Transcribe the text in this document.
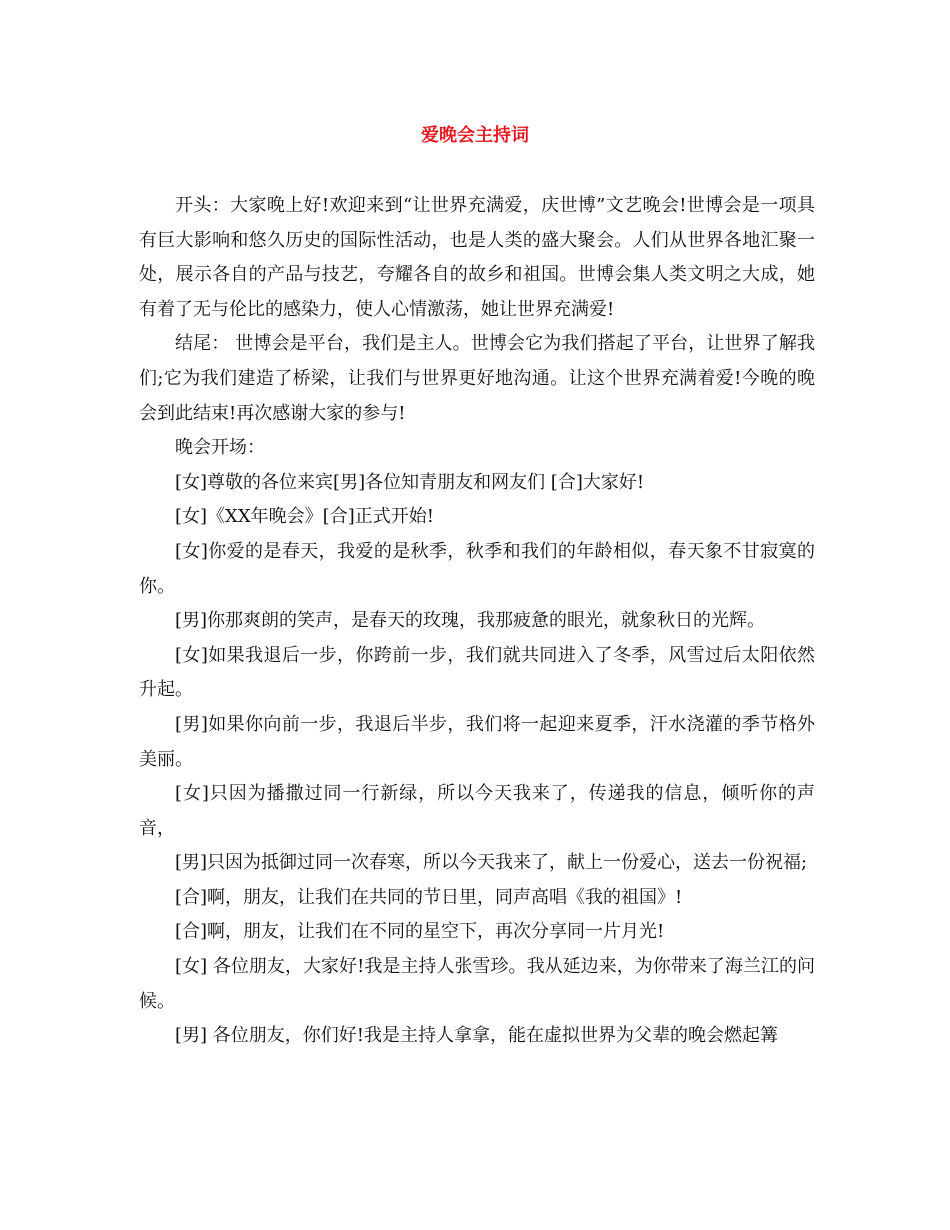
爱晚会主持词

开头：大家晚上好!欢迎来到“让世界充满爱，庆世博”文艺晚会!世博会是一项具有巨大影响和悠久历史的国际性活动，也是人类的盛大聚会。人们从世界各地汇聚一处，展示各自的产品与技艺，夸耀各自的故乡和祖国。世博会集人类文明之大成，她有着了无与伦比的感染力，使人心情激荡，她让世界充满爱!

结尾： 世博会是平台，我们是主人。世博会它为我们搭起了平台，让世界了解我们;它为我们建造了桥梁，让我们与世界更好地沟通。让这个世界充满着爱!今晚的晚会到此结束!再次感谢大家的参与!

晚会开场：

[女]尊敬的各位来宾[男]各位知青朋友和网友们 [合]大家好!

[女]《XX年晚会》[合]正式开始!

[女]你爱的是春天，我爱的是秋季，秋季和我们的年龄相似，春天象不甘寂寞的你。

[男]你那爽朗的笑声，是春天的玫瑰，我那疲惫的眼光，就象秋日的光辉。

[女]如果我退后一步，你跨前一步，我们就共同进入了冬季，风雪过后太阳依然升起。

[男]如果你向前一步，我退后半步，我们将一起迎来夏季，汗水浇灌的季节格外美丽。

[女]只因为播撒过同一行新绿，所以今天我来了，传递我的信息，倾听你的声音，

[男]只因为抵御过同一次春寒，所以今天我来了，献上一份爱心，送去一份祝福;

[合]啊，朋友，让我们在共同的节日里，同声高唱《我的祖国》!

[合]啊，朋友，让我们在不同的星空下，再次分享同一片月光!

[女] 各位朋友，大家好!我是主持人张雪珍。我从延边来，为你带来了海兰江的问候。

[男] 各位朋友，你们好!我是主持人拿拿，能在虚拟世界为父辈的晚会燃起篝
